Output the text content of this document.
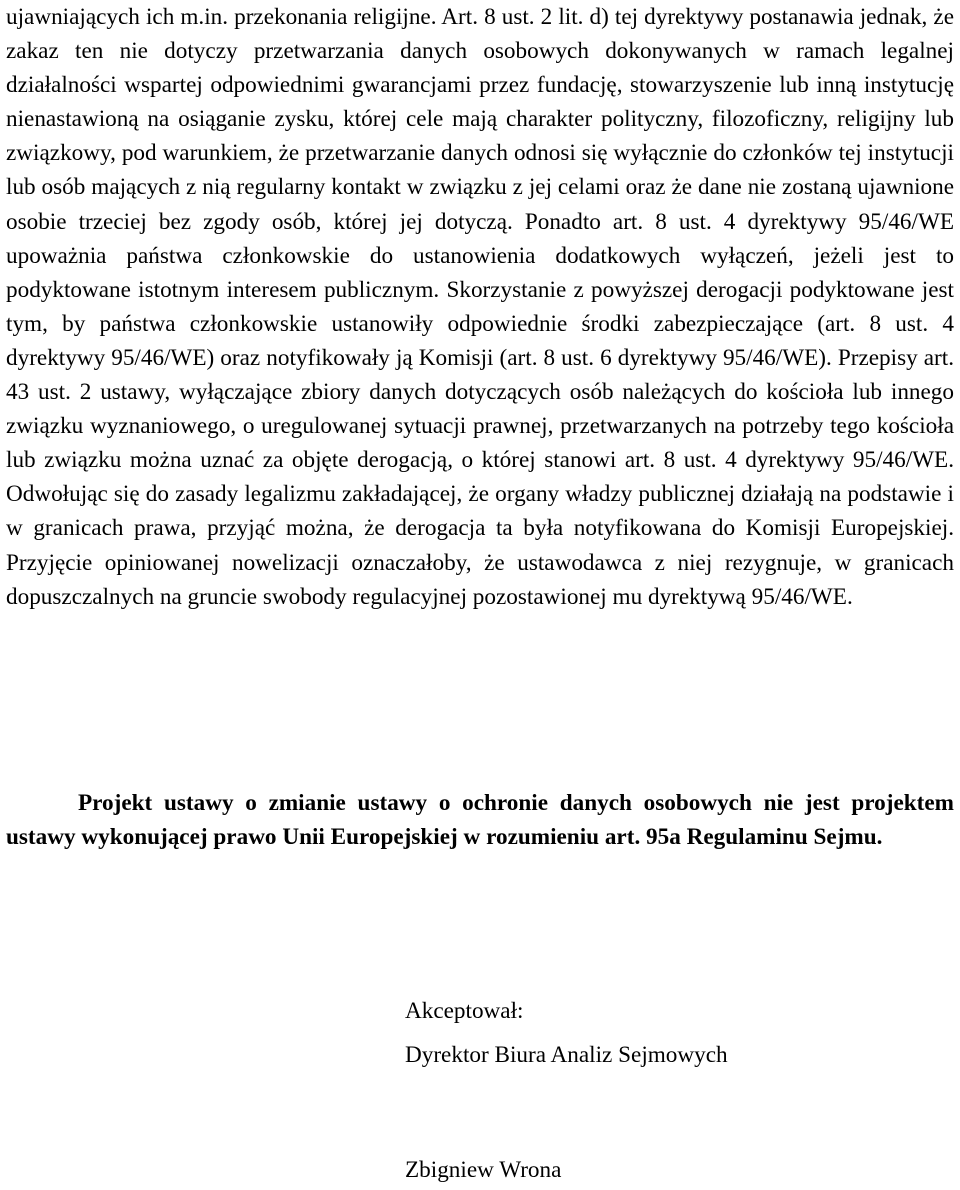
ujawniających ich m.in. przekonania religijne. Art. 8 ust. 2 lit. d) tej dyrektywy postanawia jednak, że zakaz ten nie dotyczy przetwarzania danych osobowych dokonywanych w ramach legalnej działalności wspartej odpowiednimi gwarancjami przez fundację, stowarzyszenie lub inną instytucję nienastawioną na osiąganie zysku, której cele mają charakter polityczny, filozoficzny, religijny lub związkowy, pod warunkiem, że przetwarzanie danych odnosi się wyłącznie do członków tej instytucji lub osób mających z nią regularny kontakt w związku z jej celami oraz że dane nie zostaną ujawnione osobie trzeciej bez zgody osób, której jej dotyczą. Ponadto art. 8 ust. 4 dyrektywy 95/46/WE upoważnia państwa członkowskie do ustanowienia dodatkowych wyłączeń, jeżeli jest to podyktowane istotnym interesem publicznym. Skorzystanie z powyższej derogacji podyktowane jest tym, by państwa członkowskie ustanowiły odpowiednie środki zabezpieczające (art. 8 ust. 4 dyrektywy 95/46/WE) oraz notyfikowały ją Komisji (art. 8 ust. 6 dyrektywy 95/46/WE). Przepisy art. 43 ust. 2 ustawy, wyłączające zbiory danych dotyczących osób należących do kościoła lub innego związku wyznaniowego, o uregulowanej sytuacji prawnej, przetwarzanych na potrzeby tego kościoła lub związku można uznać za objęte derogacją, o której stanowi art. 8 ust. 4 dyrektywy 95/46/WE. Odwołując się do zasady legalizmu zakładającej, że organy władzy publicznej działają na podstawie i w granicach prawa, przyjąć można, że derogacja ta była notyfikowana do Komisji Europejskiej. Przyjęcie opiniowanej nowelizacji oznaczałoby, że ustawodawca z niej rezygnuje, w granicach dopuszczalnych na gruncie swobody regulacyjnej pozostawionej mu dyrektywą 95/46/WE.

Projekt ustawy o zmianie ustawy o ochronie danych osobowych nie jest projektem ustawy wykonującej prawo Unii Europejskiej w rozumieniu art. 95a Regulaminu Sejmu.

Akceptował:
Dyrektor Biura Analiz Sejmowych
Zbigniew Wrona
